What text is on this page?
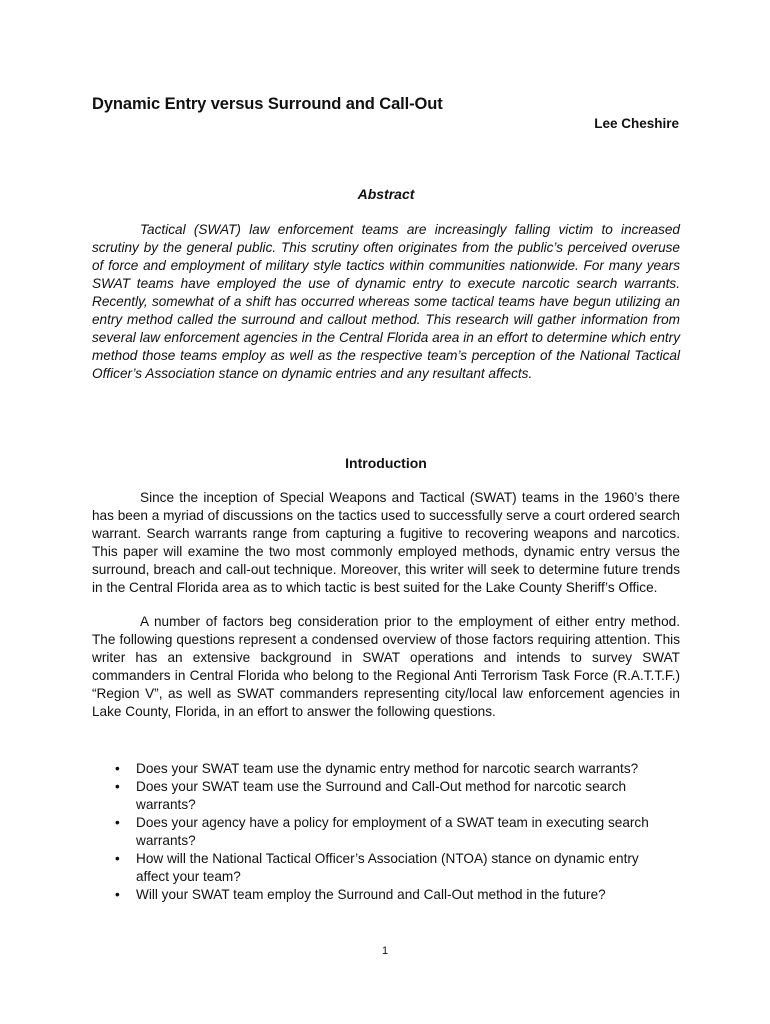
Dynamic Entry versus Surround and Call-Out
Lee Cheshire
Abstract

Tactical (SWAT) law enforcement teams are increasingly falling victim to increased scrutiny by the general public. This scrutiny often originates from the public’s perceived overuse of force and employment of military style tactics within communities nationwide. For many years SWAT teams have employed the use of dynamic entry to execute narcotic search warrants. Recently, somewhat of a shift has occurred whereas some tactical teams have begun utilizing an entry method called the surround and callout method. This research will gather information from several law enforcement agencies in the Central Florida area in an effort to determine which entry method those teams employ as well as the respective team’s perception of the National Tactical Officer’s Association stance on dynamic entries and any resultant affects.

Introduction

Since the inception of Special Weapons and Tactical (SWAT) teams in the 1960’s there has been a myriad of discussions on the tactics used to successfully serve a court ordered search warrant. Search warrants range from capturing a fugitive to recovering weapons and narcotics. This paper will examine the two most commonly employed methods, dynamic entry versus the surround, breach and call-out technique. Moreover, this writer will seek to determine future trends in the Central Florida area as to which tactic is best suited for the Lake County Sheriff’s Office.

A number of factors beg consideration prior to the employment of either entry method. The following questions represent a condensed overview of those factors requiring attention. This writer has an extensive background in SWAT operations and intends to survey SWAT commanders in Central Florida who belong to the Regional Anti Terrorism Task Force (R.A.T.T.F.) “Region V”, as well as SWAT commanders representing city/local law enforcement agencies in Lake County, Florida, in an effort to answer the following questions.

• Does your SWAT team use the dynamic entry method for narcotic search warrants?
• Does your SWAT team use the Surround and Call-Out method for narcotic search warrants?
• Does your agency have a policy for employment of a SWAT team in executing search warrants?
• How will the National Tactical Officer’s Association (NTOA) stance on dynamic entry affect your team?
• Will your SWAT team employ the Surround and Call-Out method in the future?
1
